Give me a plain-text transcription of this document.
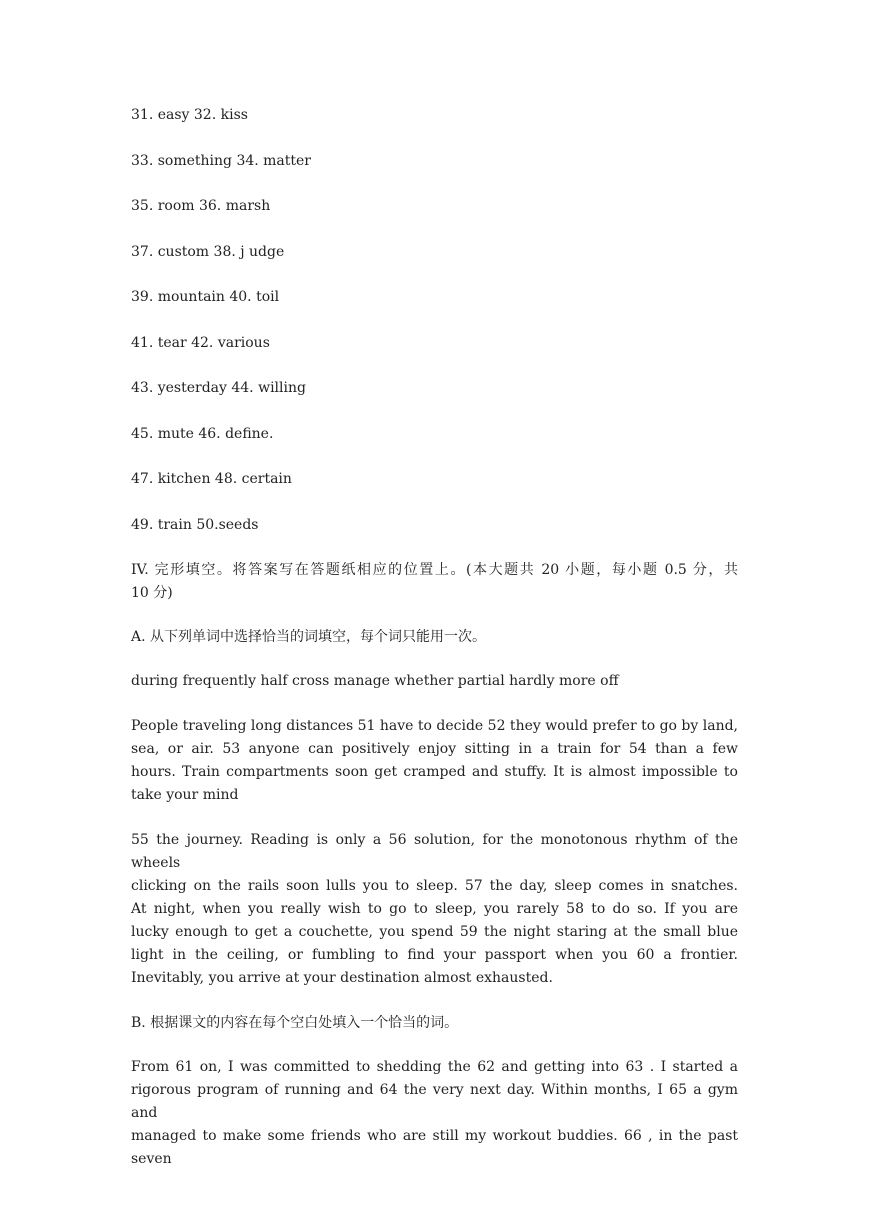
31. easy 32. kiss
33. something 34. matter
35. room 36. marsh
37. custom 38. j udge
39. mountain 40. toil
41. tear 42. various
43. yesterday 44. willing
45. mute 46. define.
47. kitchen 48. certain
49. train 50.seeds
IV. 完形填空。将答案写在答题纸相应的位置上。(本大题共 20 小题，每小题 0.5 分，共
10 分)
A. 从下列单词中选择恰当的词填空，每个词只能用一次。
during frequently half cross manage whether partial hardly more off
People traveling long distances 51 have to decide 52 they would prefer to go by land,
sea, or air. 53 anyone can positively enjoy sitting in a train for 54 than a few
hours. Train compartments soon get cramped and stuffy. It is almost impossible to
take your mind
55 the journey. Reading is only a 56 solution, for the monotonous rhythm of the wheels
clicking on the rails soon lulls you to sleep. 57 the day, sleep comes in snatches.
At night, when you really wish to go to sleep, you rarely 58 to do so. If you are
lucky enough to get a couchette, you spend 59 the night staring at the small blue
light in the ceiling, or fumbling to find your passport when you 60 a frontier.
Inevitably, you arrive at your destination almost exhausted.
B. 根据课文的内容在每个空白处填入一个恰当的词。
From 61 on, I was committed to shedding the 62 and getting into 63 . I started a
rigorous program of running and 64 the very next day. Within months, I 65 a gym and
managed to make some friends who are still my workout buddies. 66 , in the past seven
